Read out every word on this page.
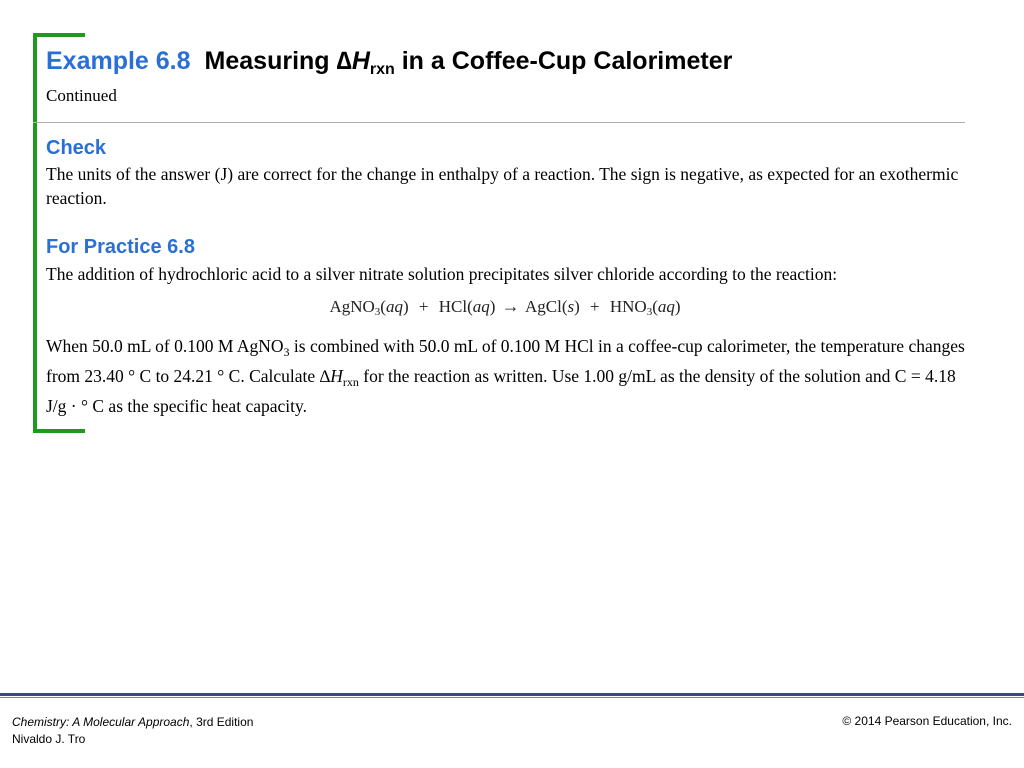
Example 6.8 Measuring $\Delta H_{rxn}$ in a Coffee-Cup Calorimeter
Continued
Check
The units of the answer (J) are correct for the change in enthalpy of a reaction. The sign is negative, as expected for an exothermic reaction.
For Practice 6.8
The addition of hydrochloric acid to a silver nitrate solution precipitates silver chloride according to the reaction:
AgNO$_3$(aq) + HCl(aq) → AgCl(s) + $HNO_3(aq)$
When 50.0 mL of 0.100 M AgNO$_3$ is combined with 50.0 mL of 0.100 M HCl in a coffee-cup calorimeter, the temperature changes from 23.40 ° C to 24.21 ° C. Calculate $\Delta H_{rxn}$ for the reaction as written. Use 1.00 g/mL as the density of the solution and C = 4.18 J/g · ° C as the specific heat capacity.
Chemistry: A Molecular Approach, 3rd Edition
Nivaldo J. Tro
© 2014 Pearson Education, Inc.
